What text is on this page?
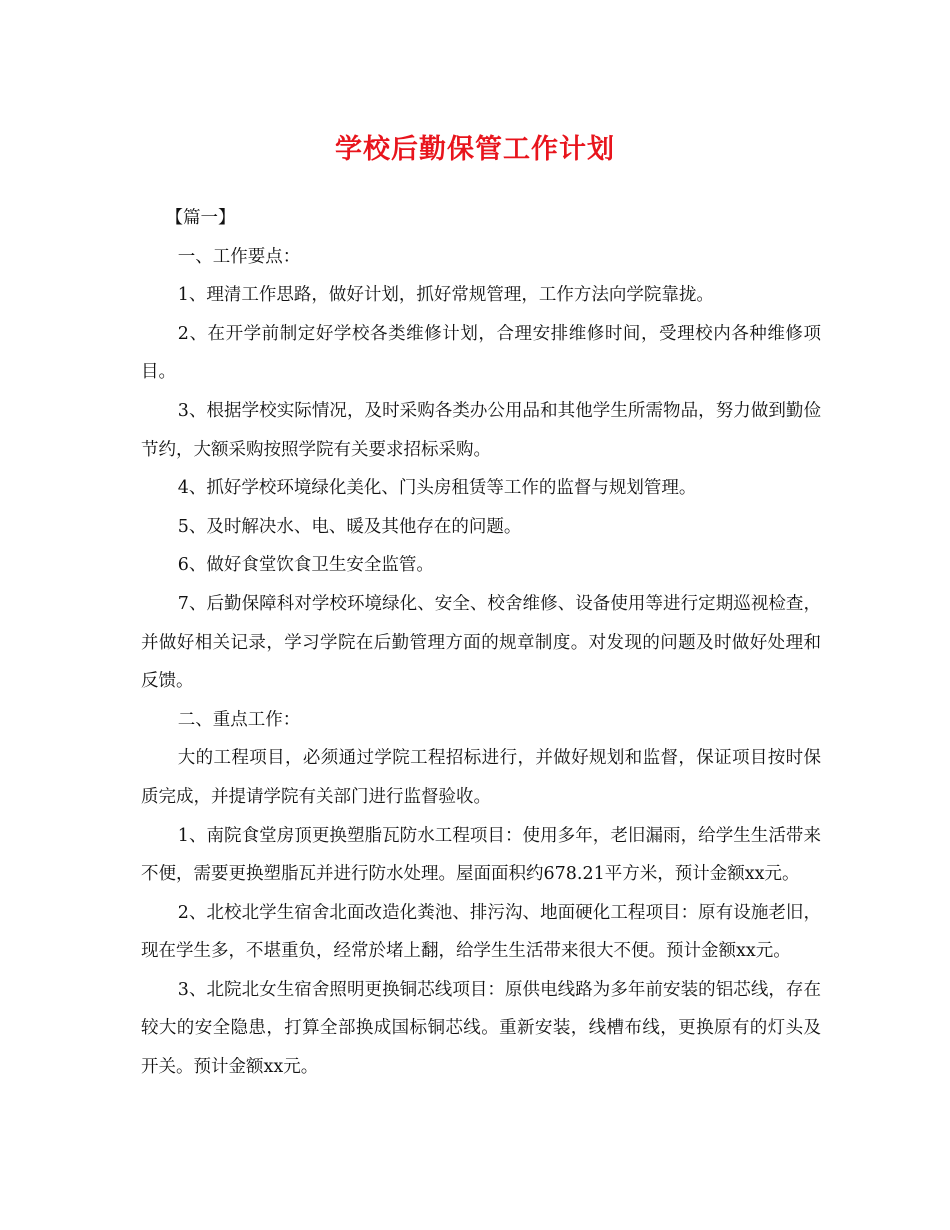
学校后勤保管工作计划

【篇一】

一、工作要点：

1、理清工作思路，做好计划，抓好常规管理，工作方法向学院靠拢。

2、在开学前制定好学校各类维修计划，合理安排维修时间，受理校内各种维修项目。

3、根据学校实际情况，及时采购各类办公用品和其他学生所需物品，努力做到勤俭节约，大额采购按照学院有关要求招标采购。

4、抓好学校环境绿化美化、门头房租赁等工作的监督与规划管理。

5、及时解决水、电、暖及其他存在的问题。

6、做好食堂饮食卫生安全监管。

7、后勤保障科对学校环境绿化、安全、校舍维修、设备使用等进行定期巡视检查，并做好相关记录，学习学院在后勤管理方面的规章制度。对发现的问题及时做好处理和反馈。

二、重点工作：

大的工程项目，必须通过学院工程招标进行，并做好规划和监督，保证项目按时保质完成，并提请学院有关部门进行监督验收。

1、南院食堂房顶更换塑脂瓦防水工程项目：使用多年，老旧漏雨，给学生生活带来不便，需要更换塑脂瓦并进行防水处理。屋面面积约678.21平方米，预计金额xx元。

2、北校北学生宿舍北面改造化粪池、排污沟、地面硬化工程项目：原有设施老旧，现在学生多，不堪重负，经常於堵上翻，给学生生活带来很大不便。预计金额xx元。

3、北院北女生宿舍照明更换铜芯线项目：原供电线路为多年前安装的铝芯线，存在较大的安全隐患，打算全部换成国标铜芯线。重新安装，线槽布线，更换原有的灯头及开关。预计金额xx元。
